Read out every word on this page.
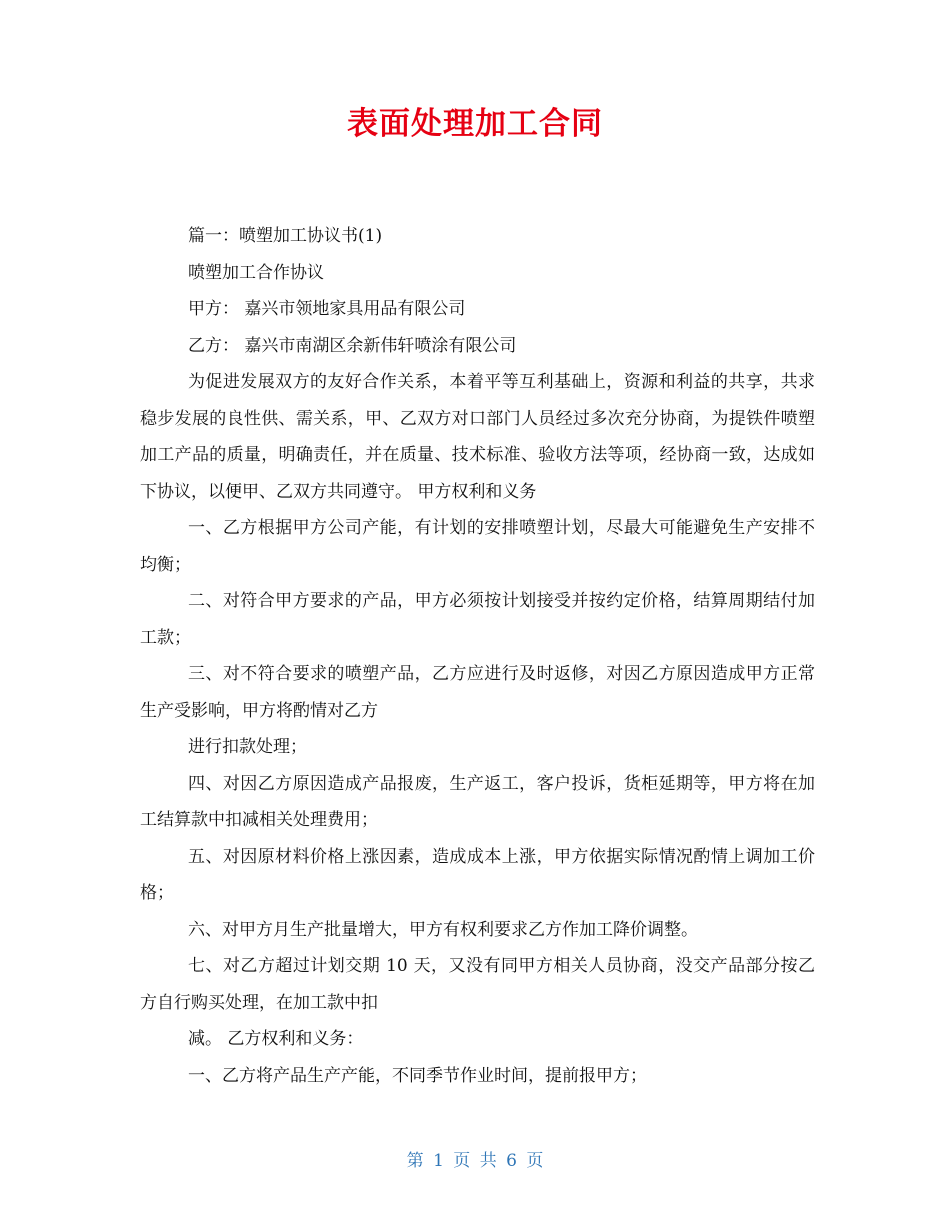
表面处理加工合同

篇一：喷塑加工协议书(1)

喷塑加工合作协议

甲方： 嘉兴市领地家具用品有限公司

乙方： 嘉兴市南湖区余新伟轩喷涂有限公司

为促进发展双方的友好合作关系，本着平等互利基础上，资源和利益的共享，共求稳步发展的良性供、需关系，甲、乙双方对口部门人员经过多次充分协商，为提铁件喷塑加工产品的质量，明确责任，并在质量、技术标准、验收方法等项，经协商一致，达成如下协议，以便甲、乙双方共同遵守。 甲方权利和义务

一、乙方根据甲方公司产能，有计划的安排喷塑计划，尽最大可能避免生产安排不均衡；

二、对符合甲方要求的产品，甲方必须按计划接受并按约定价格，结算周期结付加工款；

三、对不符合要求的喷塑产品，乙方应进行及时返修，对因乙方原因造成甲方正常生产受影响，甲方将酌情对乙方

进行扣款处理；

四、对因乙方原因造成产品报废，生产返工，客户投诉，货柜延期等，甲方将在加工结算款中扣减相关处理费用；

五、对因原材料价格上涨因素，造成成本上涨，甲方依据实际情况酌情上调加工价格；

六、对甲方月生产批量增大，甲方有权利要求乙方作加工降价调整。

七、对乙方超过计划交期 10 天，又没有同甲方相关人员协商，没交产品部分按乙方自行购买处理，在加工款中扣

减。 乙方权利和义务：

一、乙方将产品生产产能，不同季节作业时间，提前报甲方；

第 1 页 共 6 页
